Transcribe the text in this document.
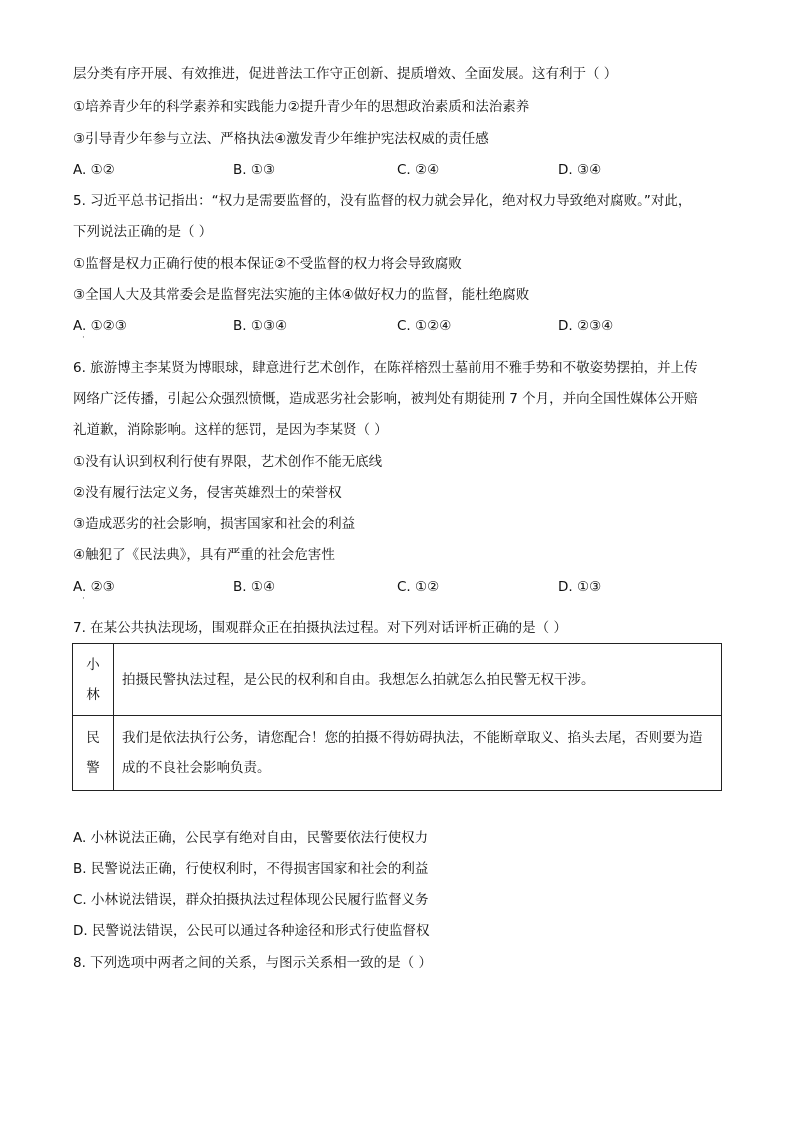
层分类有序开展、有效推进，促进普法工作守正创新、提质增效、全面发展。这有利于（ ）
①培养青少年的科学素养和实践能力②提升青少年的思想政治素质和法治素养
③引导青少年参与立法、严格执法④激发青少年维护宪法权威的责任感
A. ①②	B. ①③	C. ②④	D. ③④
5. 习近平总书记指出：“权力是需要监督的，没有监督的权力就会异化，绝对权力导致绝对腐败。”对此，
下列说法正确的是（ ）
①监督是权力正确行使的根本保证②不受监督的权力将会导致腐败
③全国人大及其常委会是监督宪法实施的主体④做好权力的监督，能杜绝腐败
A. ①②③	B. ①③④	C. ①②④	D. ②③④
·
6. 旅游博主李某贤为博眼球，肆意进行艺术创作，在陈祥榕烈士墓前用不雅手势和不敬姿势摆拍，并上传
网络广泛传播，引起公众强烈愤慨，造成恶劣社会影响，被判处有期徒刑 7 个月，并向全国性媒体公开赔
礼道歉，消除影响。这样的惩罚，是因为李某贤（ ）
①没有认识到权利行使有界限，艺术创作不能无底线
②没有履行法定义务，侵害英雄烈士的荣誉权
③造成恶劣的社会影响，损害国家和社会的利益
④触犯了《民法典》，具有严重的社会危害性
A. ②③	B. ①④	C. ①②	D. ①③
·
7. 在某公共执法现场，围观群众正在拍摄执法过程。对下列对话评析正确的是（ ）
小
林	拍摄民警执法过程，是公民的权利和自由。我想怎么拍就怎么拍民警无权干涉。

民
警	我们是依法执行公务，请您配合！您的拍摄不得妨碍执法，不能断章取义、掐头去尾，否则要为造成的不良社会影响负责。
A. 小林说法正确，公民享有绝对自由，民警要依法行使权力
B. 民警说法正确，行使权利时，不得损害国家和社会的利益
C. 小林说法错误，群众拍摄执法过程体现公民履行监督义务
D. 民警说法错误，公民可以通过各种途径和形式行使监督权
8. 下列选项中两者之间的关系，与图示关系相一致的是（ ）
